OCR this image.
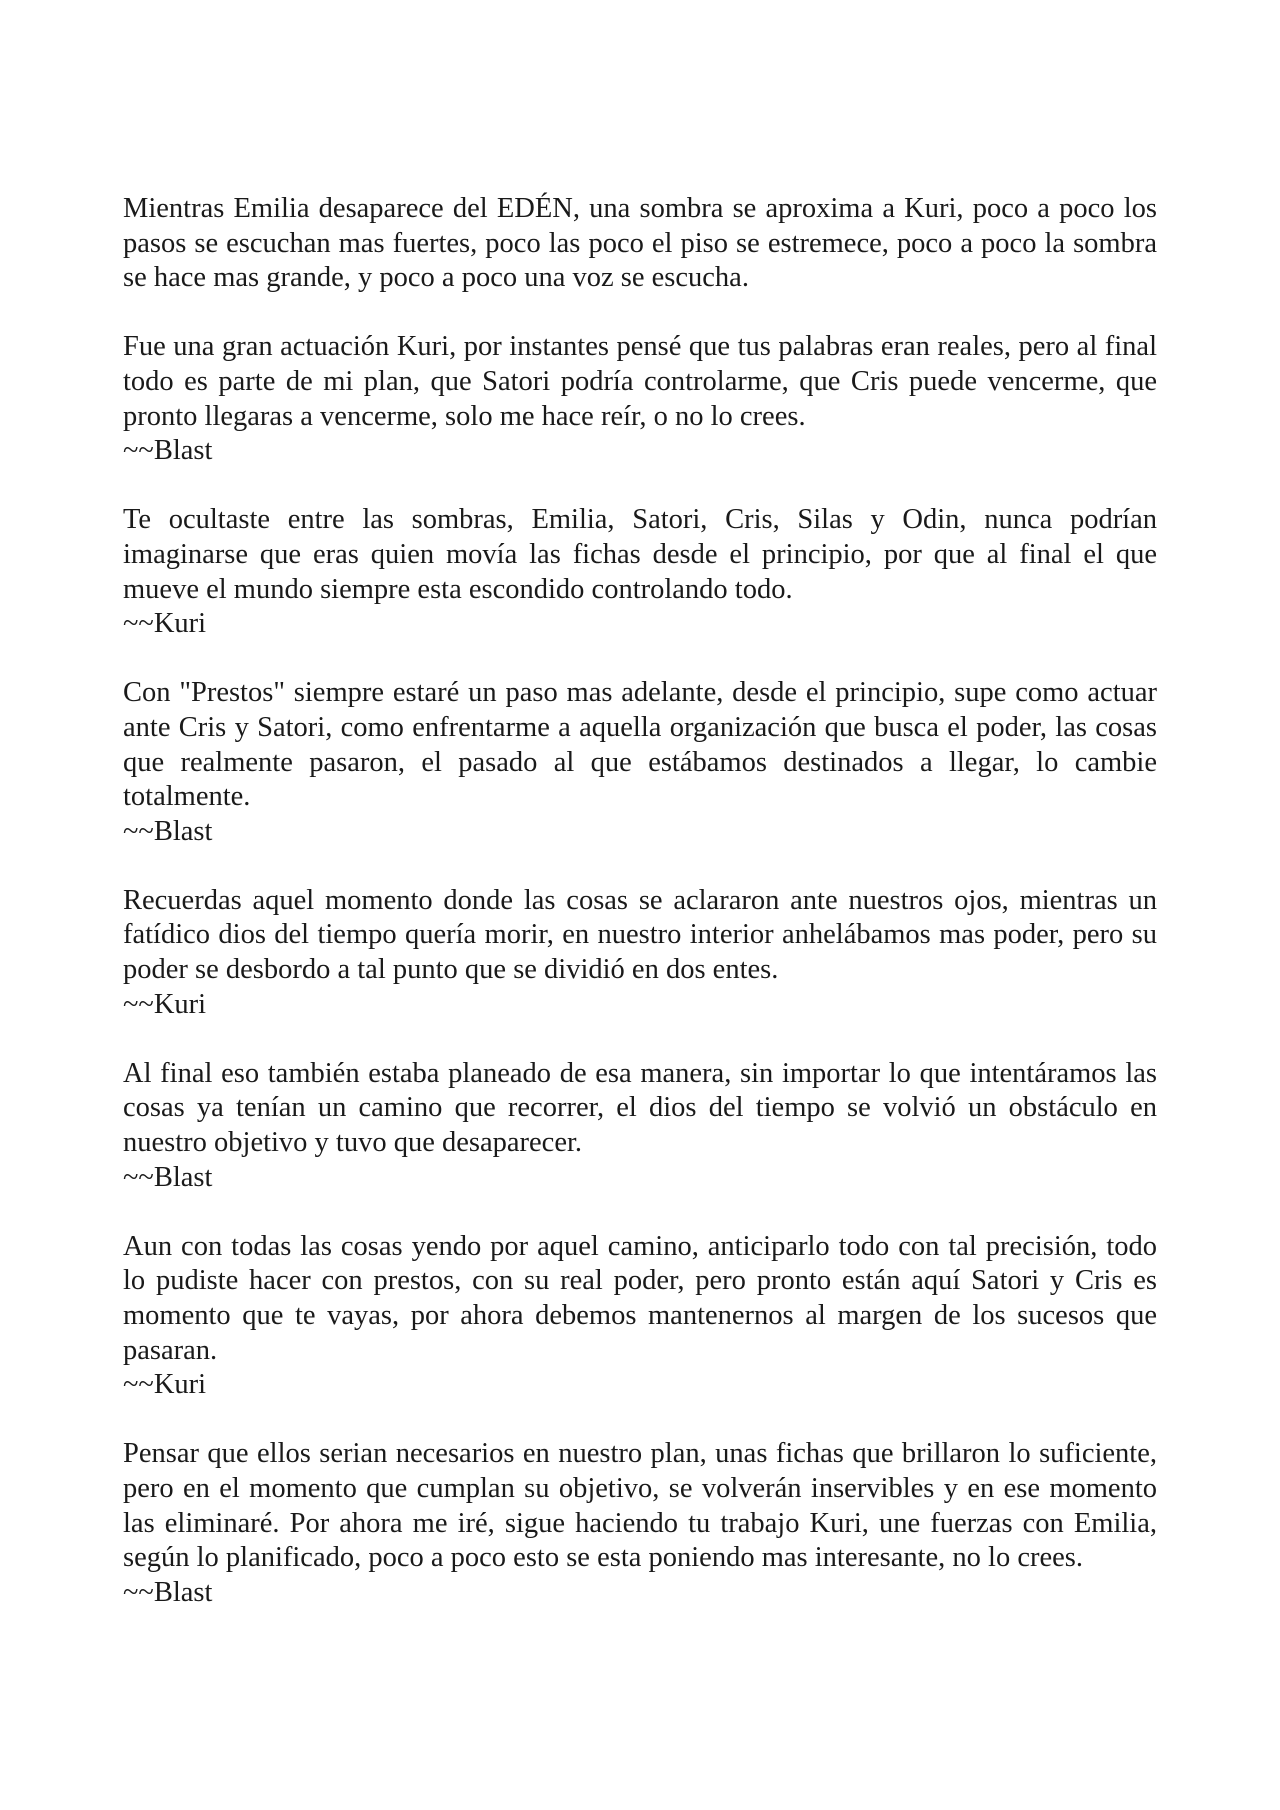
Mientras Emilia desaparece del EDÉN, una sombra se aproxima a Kuri, poco a poco los pasos se escuchan mas fuertes, poco las poco el piso se estremece, poco a poco la sombra se hace mas grande, y poco a poco una voz se escucha.

Fue una gran actuación Kuri, por instantes pensé que tus palabras eran reales, pero al final todo es parte de mi plan, que Satori podría controlarme, que Cris puede vencerme, que pronto llegaras a vencerme, solo me hace reír, o no lo crees.

~~Blast

Te ocultaste entre las sombras, Emilia, Satori, Cris, Silas y Odin, nunca podrían imaginarse que eras quien movía las fichas desde el principio, por que al final el que mueve el mundo siempre esta escondido controlando todo.

~~Kuri

Con "Prestos" siempre estaré un paso mas adelante, desde el principio, supe como actuar ante Cris y Satori, como enfrentarme a aquella organización que busca el poder, las cosas que realmente pasaron, el pasado al que estábamos destinados a llegar, lo cambie totalmente.

~~Blast

Recuerdas aquel momento donde las cosas se aclararon ante nuestros ojos, mientras un fatídico dios del tiempo quería morir, en nuestro interior anhelábamos mas poder, pero su poder se desbordo a tal punto que se dividió en dos entes.

~~Kuri

Al final eso también estaba planeado de esa manera, sin importar lo que intentáramos las cosas ya tenían un camino que recorrer, el dios del tiempo se volvió un obstáculo en nuestro objetivo y tuvo que desaparecer.

~~Blast

Aun con todas las cosas yendo por aquel camino, anticiparlo todo con tal precisión, todo lo pudiste hacer con prestos, con su real poder, pero pronto están aquí Satori y Cris es momento que te vayas, por ahora debemos mantenernos al margen de los sucesos que pasaran.

~~Kuri

Pensar que ellos serian necesarios en nuestro plan, unas fichas que brillaron lo suficiente, pero en el momento que cumplan su objetivo, se volverán inservibles y en ese momento las eliminaré. Por ahora me iré, sigue haciendo tu trabajo Kuri, une fuerzas con Emilia, según lo planificado, poco a poco esto se esta poniendo mas interesante, no lo crees.

~~Blast
